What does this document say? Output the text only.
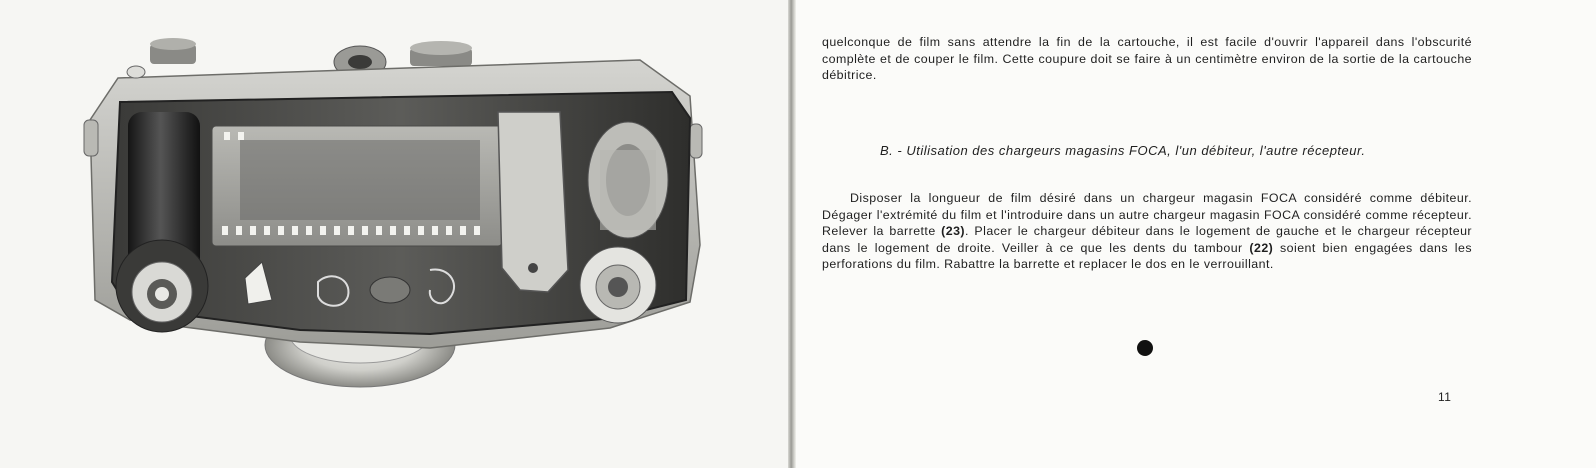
quelconque de film sans attendre la fin de la cartouche, il est facile d'ouvrir l'appareil dans l'obscurité complète et de couper le film. Cette coupure doit se faire à un centimètre environ de la sortie de la cartouche débitrice.

B. - Utilisation des chargeurs magasins FOCA, l'un débiteur, l'autre récepteur.

Disposer la longueur de film désiré dans un chargeur magasin FOCA considéré comme débiteur. Dégager l'extrémité du film et l'introduire dans un autre chargeur magasin FOCA considéré comme récepteur. Relever la barrette (23). Placer le chargeur débiteur dans le logement de gauche et le chargeur récepteur dans le logement de droite. Veiller à ce que les dents du tambour (22) soient bien engagées dans les perforations du film. Rabattre la barrette et replacer le dos en le verrouillant.

11
